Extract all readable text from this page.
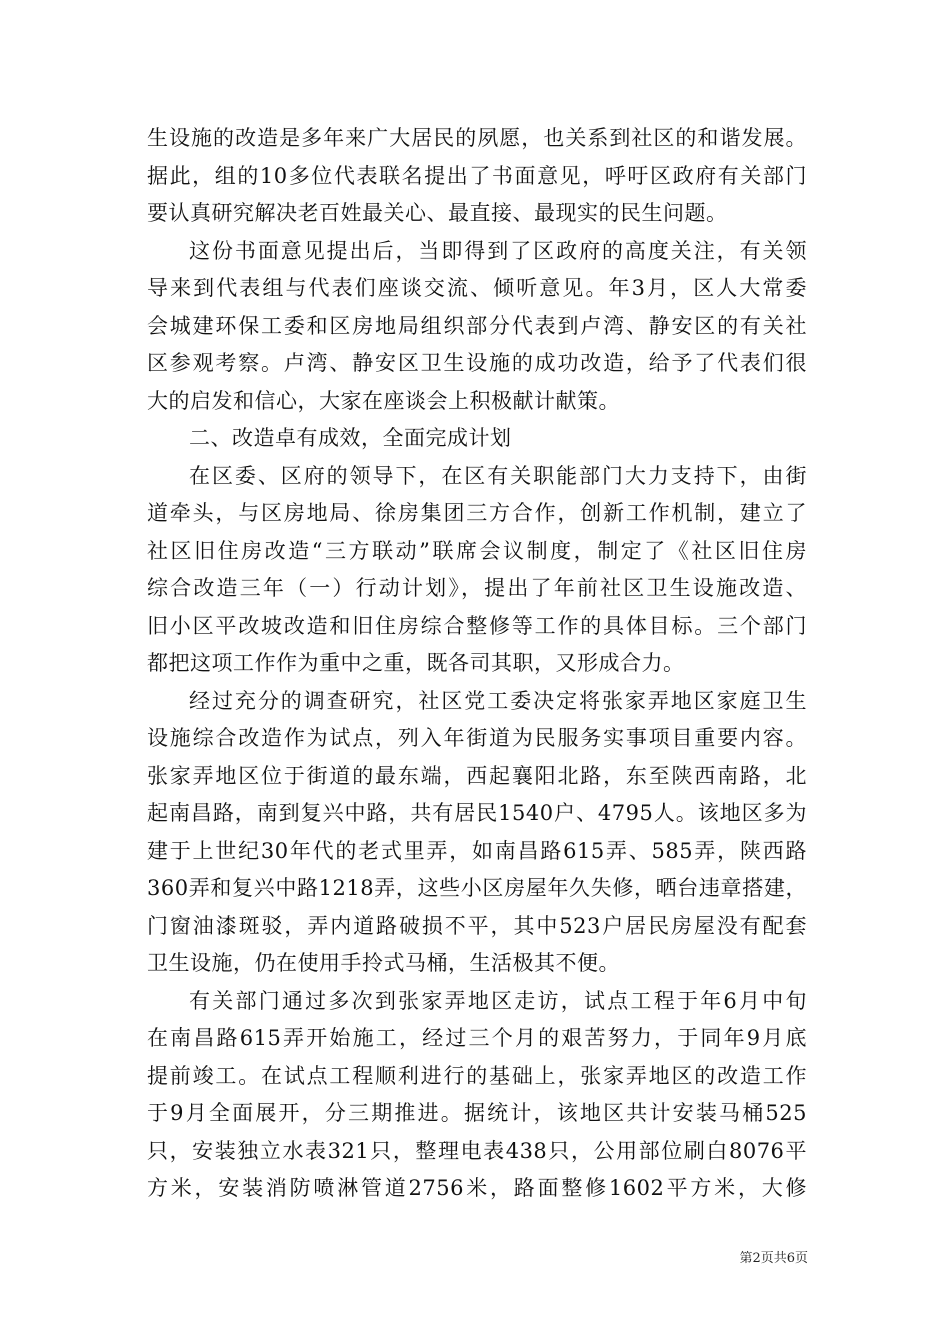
生设施的改造是多年来广大居民的夙愿，也关系到社区的和谐发展。
据此，组的10多位代表联名提出了书面意见，呼吁区政府有关部门
要认真研究解决老百姓最关心、最直接、最现实的民生问题。
这份书面意见提出后，当即得到了区政府的高度关注，有关领
导来到代表组与代表们座谈交流、倾听意见。年3月，区人大常委
会城建环保工委和区房地局组织部分代表到卢湾、静安区的有关社
区参观考察。卢湾、静安区卫生设施的成功改造，给予了代表们很
大的启发和信心，大家在座谈会上积极献计献策。
二、改造卓有成效，全面完成计划
在区委、区府的领导下，在区有关职能部门大力支持下，由街
道牵头，与区房地局、徐房集团三方合作，创新工作机制，建立了
社区旧住房改造“三方联动”联席会议制度，制定了《社区旧住房
综合改造三年（一）行动计划》，提出了年前社区卫生设施改造、
旧小区平改坡改造和旧住房综合整修等工作的具体目标。三个部门
都把这项工作作为重中之重，既各司其职，又形成合力。
经过充分的调查研究，社区党工委决定将张家弄地区家庭卫生
设施综合改造作为试点，列入年街道为民服务实事项目重要内容。
张家弄地区位于街道的最东端，西起襄阳北路，东至陕西南路，北
起南昌路，南到复兴中路，共有居民1540户、4795人。该地区多为
建于上世纪30年代的老式里弄，如南昌路615弄、585弄，陕西路
360弄和复兴中路1218弄，这些小区房屋年久失修，晒台违章搭建，
门窗油漆斑驳，弄内道路破损不平，其中523户居民房屋没有配套
卫生设施，仍在使用手拎式马桶，生活极其不便。
有关部门通过多次到张家弄地区走访，试点工程于年6月中旬
在南昌路615弄开始施工，经过三个月的艰苦努力，于同年9月底
提前竣工。在试点工程顺利进行的基础上，张家弄地区的改造工作
于9月全面展开，分三期推进。据统计，该地区共计安装马桶525
只，安装独立水表321只，整理电表438只，公用部位刷白8076平
方米，安装消防喷淋管道2756米，路面整修1602平方米，大修
第2页共6页
